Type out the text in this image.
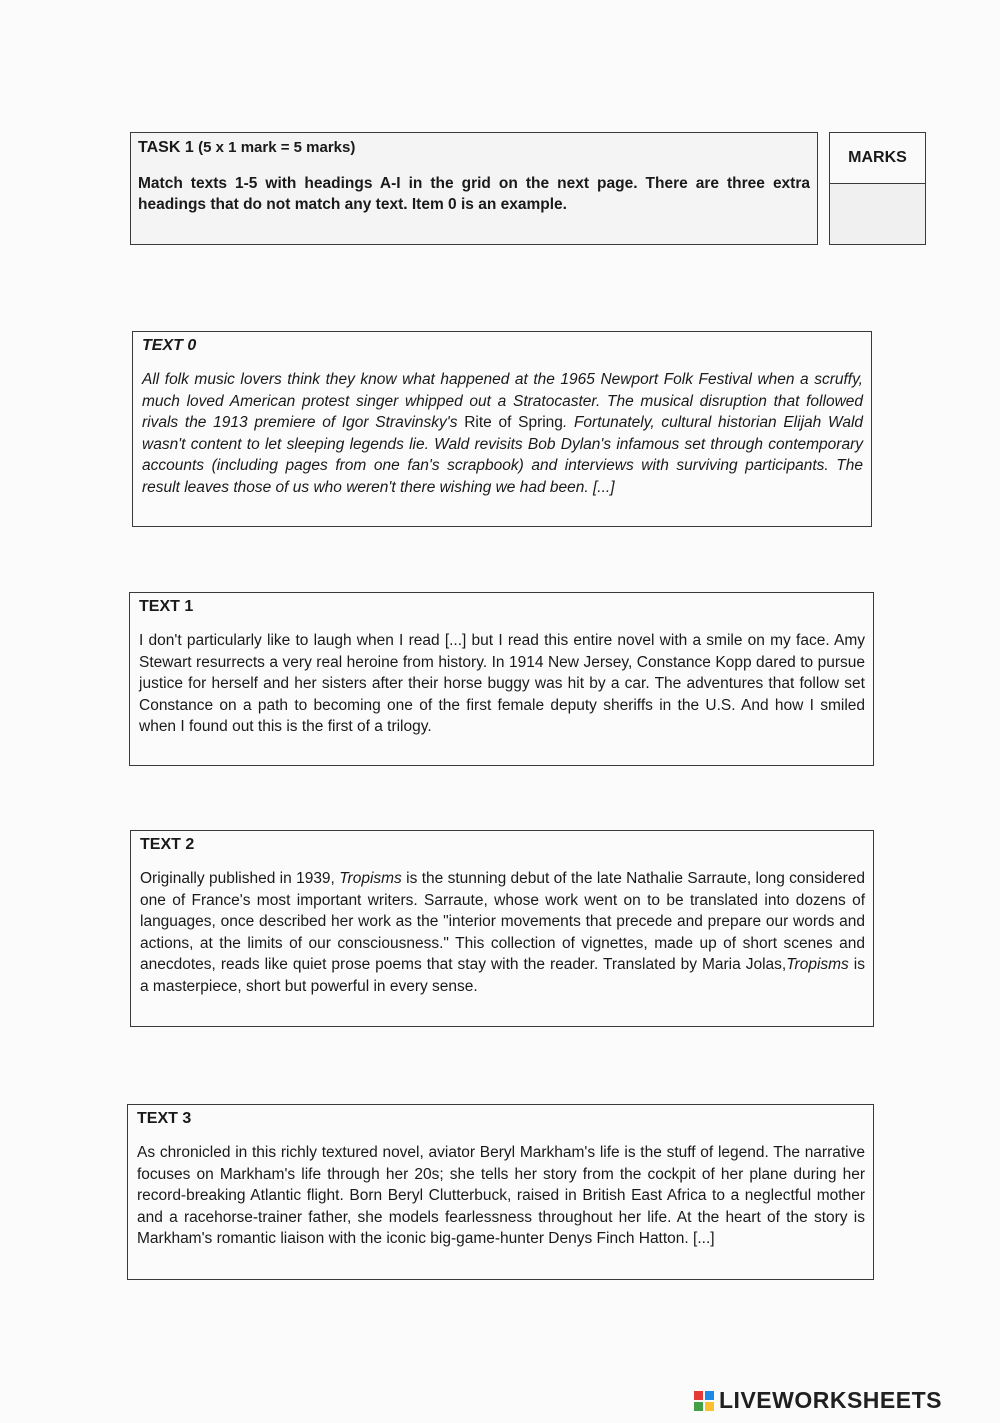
TASK 1 (5 x 1 mark = 5 marks)
Match texts 1-5 with headings A-I in the grid on the next page. There are three extra headings that do not match any text. Item 0 is an example.
MARKS
TEXT 0
All folk music lovers think they know what happened at the 1965 Newport Folk Festival when a scruffy, much loved American protest singer whipped out a Stratocaster. The musical disruption that followed rivals the 1913 premiere of Igor Stravinsky's Rite of Spring. Fortunately, cultural historian Elijah Wald wasn't content to let sleeping legends lie. Wald revisits Bob Dylan's infamous set through contemporary accounts (including pages from one fan's scrapbook) and interviews with surviving participants. The result leaves those of us who weren't there wishing we had been. [...]
TEXT 1
I don't particularly like to laugh when I read [...] but I read this entire novel with a smile on my face. Amy Stewart resurrects a very real heroine from history. In 1914 New Jersey, Constance Kopp dared to pursue justice for herself and her sisters after their horse buggy was hit by a car. The adventures that follow set Constance on a path to becoming one of the first female deputy sheriffs in the U.S. And how I smiled when I found out this is the first of a trilogy.
TEXT 2
Originally published in 1939, Tropisms is the stunning debut of the late Nathalie Sarraute, long considered one of France's most important writers. Sarraute, whose work went on to be translated into dozens of languages, once described her work as the "interior movements that precede and prepare our words and actions, at the limits of our consciousness." This collection of vignettes, made up of short scenes and anecdotes, reads like quiet prose poems that stay with the reader. Translated by Maria Jolas,Tropisms is a masterpiece, short but powerful in every sense.
TEXT 3
As chronicled in this richly textured novel, aviator Beryl Markham's life is the stuff of legend. The narrative focuses on Markham's life through her 20s; she tells her story from the cockpit of her plane during her record-breaking Atlantic flight. Born Beryl Clutterbuck, raised in British East Africa to a neglectful mother and a racehorse-trainer father, she models fearlessness throughout her life. At the heart of the story is Markham's romantic liaison with the iconic big-game-hunter Denys Finch Hatton. [...]
LIVEWORKSHEETS
